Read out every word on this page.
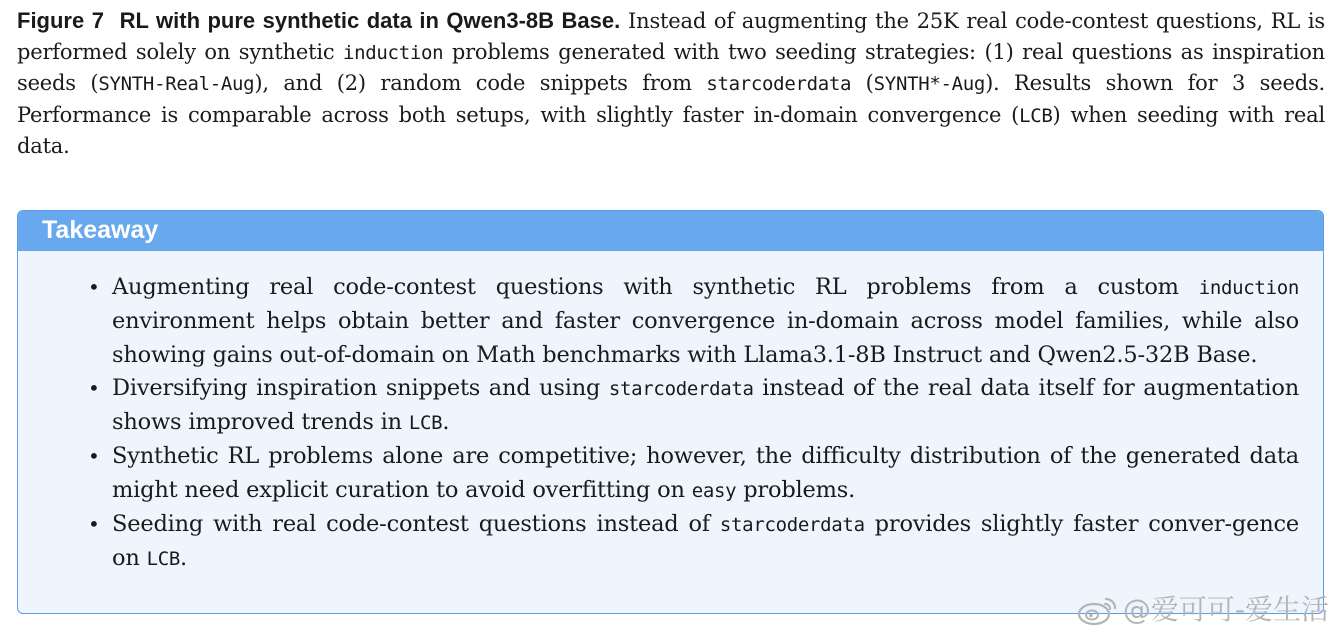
Figure 7 RL with pure synthetic data in Qwen3-8B Base. Instead of augmenting the 25K real code-contest questions, RL is performed solely on synthetic induction problems generated with two seeding strategies: (1) real questions as inspiration seeds (SYNTH-Real-Aug), and (2) random code snippets from starcoderdata (SYNTH*-Aug). Results shown for 3 seeds. Performance is comparable across both setups, with slightly faster in-domain convergence (LCB) when seeding with real data.
Takeaway
• Augmenting real code-contest questions with synthetic RL problems from a custom induction environment helps obtain better and faster convergence in-domain across model families, while also showing gains out-of-domain on Math benchmarks with Llama3.1-8B Instruct and Qwen2.5-32B Base.
• Diversifying inspiration snippets and using starcoderdata instead of the real data itself for augmentation shows improved trends in LCB.
• Synthetic RL problems alone are competitive; however, the difficulty distribution of the generated data might need explicit curation to avoid overfitting on easy problems.
• Seeding with real code-contest questions instead of starcoderdata provides slightly faster conver-gence on LCB.
@爱可可-爱生活
